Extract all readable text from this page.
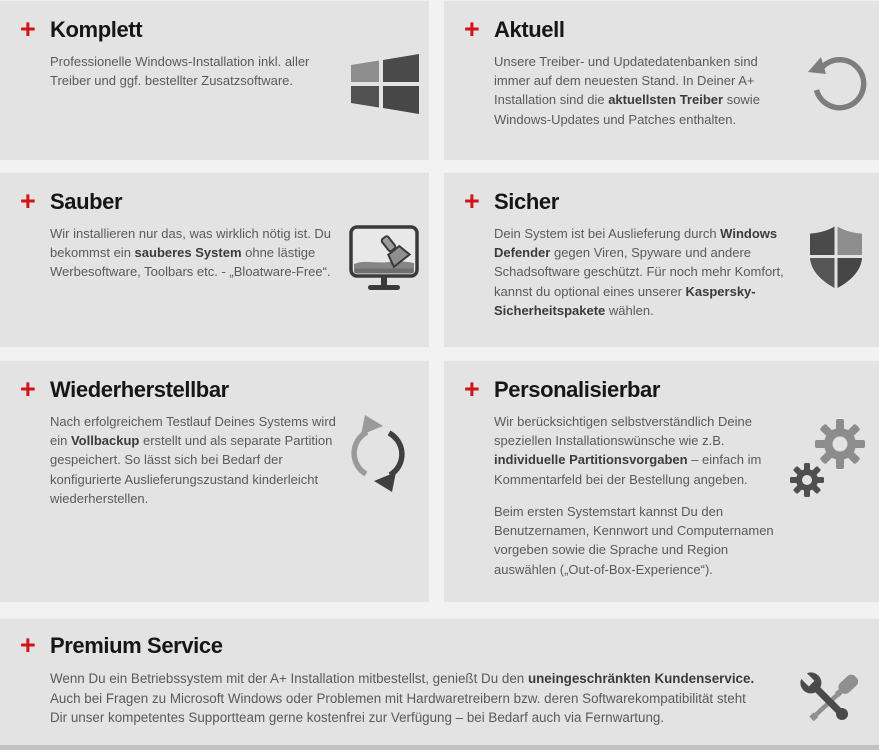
+ Komplett

Professionelle Windows-Installation inkl. aller Treiber und ggf. bestellter Zusatzsoftware.

+ Aktuell

Unsere Treiber- und Updatedatenbanken sind immer auf dem neuesten Stand. In Deiner A+ Installation sind die aktuellsten Treiber sowie Windows-Updates und Patches enthalten.

+ Sauber

Wir installieren nur das, was wirklich nötig ist. Du bekommst ein sauberes System ohne lästige Werbesoftware, Toolbars etc. - „Bloatware-Free“.

+ Sicher

Dein System ist bei Auslieferung durch Windows Defender gegen Viren, Spyware und andere Schadsoftware geschützt. Für noch mehr Komfort, kannst du optional eines unserer Kaspersky-Sicherheitspakete wählen.

+ Wiederherstellbar

Nach erfolgreichem Testlauf Deines Systems wird ein Vollbackup erstellt und als separate Partition gespeichert. So lässt sich bei Bedarf der konfigurierte Auslieferungszustand kinderleicht wiederherstellen.

+ Personalisierbar

Wir berücksichtigen selbstverständlich Deine speziellen Installationswünsche wie z.B. individuelle Partitionsvorgaben – einfach im Kommentarfeld bei der Bestellung angeben.

Beim ersten Systemstart kannst Du den Benutzernamen, Kennwort und Computernamen vorgeben sowie die Sprache und Region auswählen („Out-of-Box-Experience“).

+ Premium Service

Wenn Du ein Betriebssystem mit der A+ Installation mitbestellst, genießt Du den uneingeschränkten Kundenservice. Auch bei Fragen zu Microsoft Windows oder Problemen mit Hardwaretreibern bzw. deren Softwarekompatibilität steht Dir unser kompetentes Supportteam gerne kostenfrei zur Verfügung – bei Bedarf auch via Fernwartung.
